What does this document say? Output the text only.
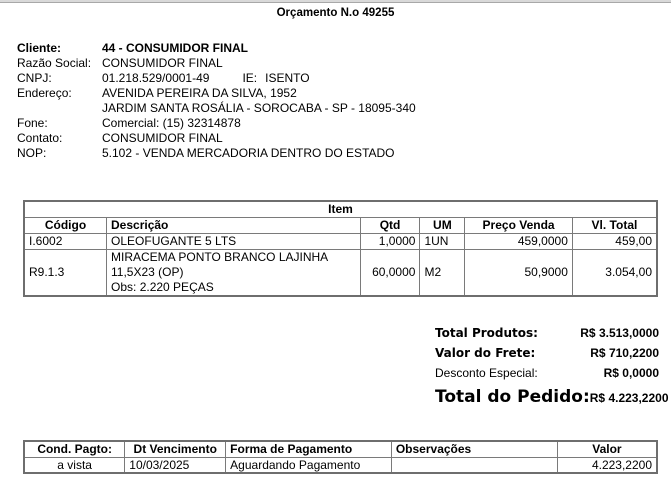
Orçamento N.o 49255
Cliente:	44 - CONSUMIDOR FINAL
Razão Social: CONSUMIDOR FINAL
CNPJ:	01.218.529/0001-49	IE: ISENTO
Endereço:	AVENIDA PEREIRA DA SILVA, 1952
JARDIM SANTA ROSÁLIA - SOROCABA - SP - 18095-340
Fone:	Comercial: (15) 32314878
Contato:	CONSUMIDOR FINAL
NOP:	5.102 - VENDA MERCADORIA DENTRO DO ESTADO
Item					
Código	Descrição	Qtd	UM	Preço Venda	Vl. Total
I.6002	OLEOFUGANTE 5 LTS	1,0000	1UN	459,0000	459,00
R9.1.3	MIRACEMA PONTO BRANCO LAJINHA
11,5X23 (OP)
Obs: 2.220 PEÇAS	60,0000	M2	50,9000	3.054,00
Total Produtos:	R$ 3.513,0000
Valor do Frete:	R$ 710,2200
Desconto Especial:	R$ 0,0000
Total do Pedido: R$ 4.223,2200
Cond. Pagto:	Dt Vencimento	Forma de Pagamento	Observações	Valor
a vista	10/03/2025	Aguardando Pagamento		4.223,2200
